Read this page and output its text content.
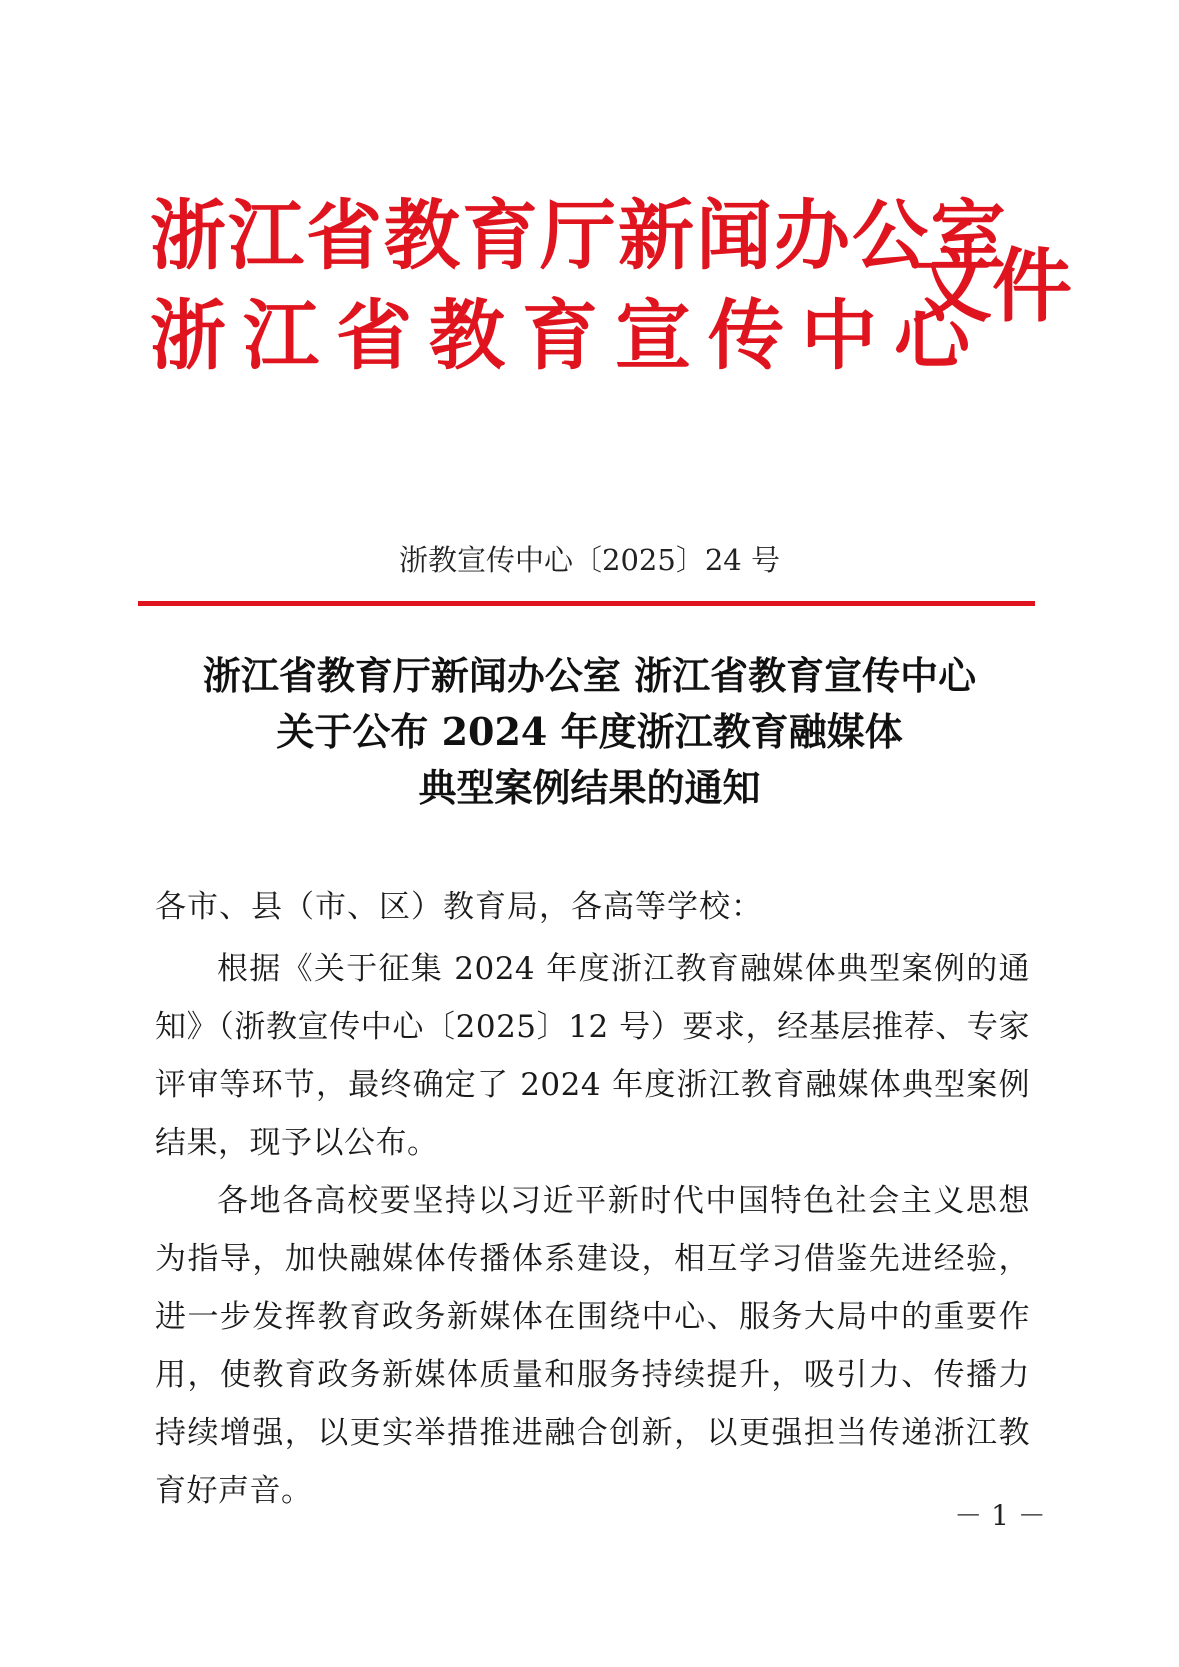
浙江省教育厅新闻办公室
浙江省教育宣传中心
文件
浙教宣传中心〔2025〕24 号
浙江省教育厅新闻办公室 浙江省教育宣传中心
关于公布 2024 年度浙江教育融媒体
典型案例结果的通知
各市、县（市、区）教育局，各高等学校：
根据《关于征集 2024 年度浙江教育融媒体典型案例的通知》（浙教宣传中心〔2025〕12 号）要求，经基层推荐、专家评审等环节，最终确定了 2024 年度浙江教育融媒体典型案例结果，现予以公布。
各地各高校要坚持以习近平新时代中国特色社会主义思想为指导，加快融媒体传播体系建设，相互学习借鉴先进经验，进一步发挥教育政务新媒体在围绕中心、服务大局中的重要作用，使教育政务新媒体质量和服务持续提升，吸引力、传播力持续增强，以更实举措推进融合创新，以更强担当传递浙江教育好声音。
－ 1 －
